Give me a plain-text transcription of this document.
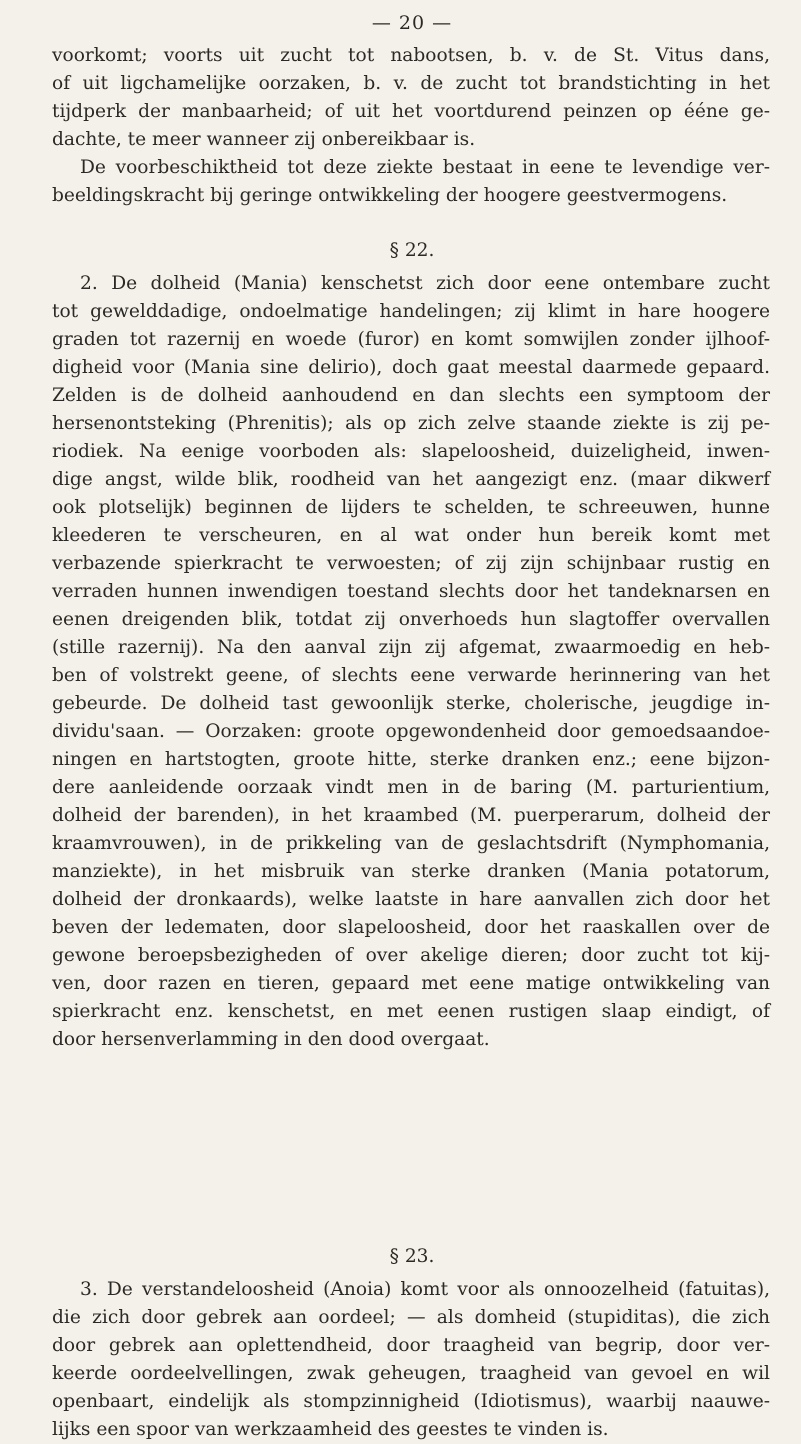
— 20 —
voorkomt; voorts uit zucht tot nabootsen, b. v. de St. Vitus dans,
of uit ligchamelijke oorzaken, b. v. de zucht tot brandstichting in het
tijdperk der manbaarheid; of uit het voortdurend peinzen op ééne ge-
dachte, te meer wanneer zij onbereikbaar is.
De voorbeschiktheid tot deze ziekte bestaat in eene te levendige ver-
beeldingskracht bij geringe ontwikkeling der hoogere geestvermogens.
§ 22.
2. De dolheid (Mania) kenschetst zich door eene ontembare zucht
tot gewelddadige, ondoelmatige handelingen; zij klimt in hare hoogere
graden tot razernij en woede (furor) en komt somwijlen zonder ijlhoof-
digheid voor (Mania sine delirio), doch gaat meestal daarmede gepaard.
Zelden is de dolheid aanhoudend en dan slechts een symptoom der
hersenontsteking (Phrenitis); als op zich zelve staande ziekte is zij pe-
riodiek. Na eenige voorboden als: slapeloosheid, duizeligheid, inwen-
dige angst, wilde blik, roodheid van het aangezigt enz. (maar dikwerf
ook plotselijk) beginnen de lijders te schelden, te schreeuwen, hunne
kleederen te verscheuren, en al wat onder hun bereik komt met
verbazende spierkracht te verwoesten; of zij zijn schijnbaar rustig en
verraden hunnen inwendigen toestand slechts door het tandeknarsen en
eenen dreigenden blik, totdat zij onverhoeds hun slagtoffer overvallen
(stille razernij). Na den aanval zijn zij afgemat, zwaarmoedig en heb-
ben of volstrekt geene, of slechts eene verwarde herinnering van het
gebeurde. De dolheid tast gewoonlijk sterke, cholerische, jeugdige in-
dividu'saan. — Oorzaken: groote opgewondenheid door gemoedsaandoe-
ningen en hartstogten, groote hitte, sterke dranken enz.; eene bijzon-
dere aanleidende oorzaak vindt men in de baring (M. parturientium,
dolheid der barenden), in het kraambed (M. puerperarum, dolheid der
kraamvrouwen), in de prikkeling van de geslachtsdrift (Nymphomania,
manziekte), in het misbruik van sterke dranken (Mania potatorum,
dolheid der dronkaards), welke laatste in hare aanvallen zich door het
beven der ledematen, door slapeloosheid, door het raaskallen over de
gewone beroepsbezigheden of over akelige dieren; door zucht tot kij-
ven, door razen en tieren, gepaard met eene matige ontwikkeling van
spierkracht enz. kenschetst, en met eenen rustigen slaap eindigt, of
door hersenverlamming in den dood overgaat.
§ 23.
3. De verstandeloosheid (Anoia) komt voor als onnoozelheid (fatuitas),
die zich door gebrek aan oordeel; — als domheid (stupiditas), die zich
door gebrek aan oplettendheid, door traagheid van begrip, door ver-
keerde oordeelvellingen, zwak geheugen, traagheid van gevoel en wil
openbaart, eindelijk als stompzinnigheid (Idiotismus), waarbij naauwe-
lijks een spoor van werkzaamheid des geestes te vinden is.
